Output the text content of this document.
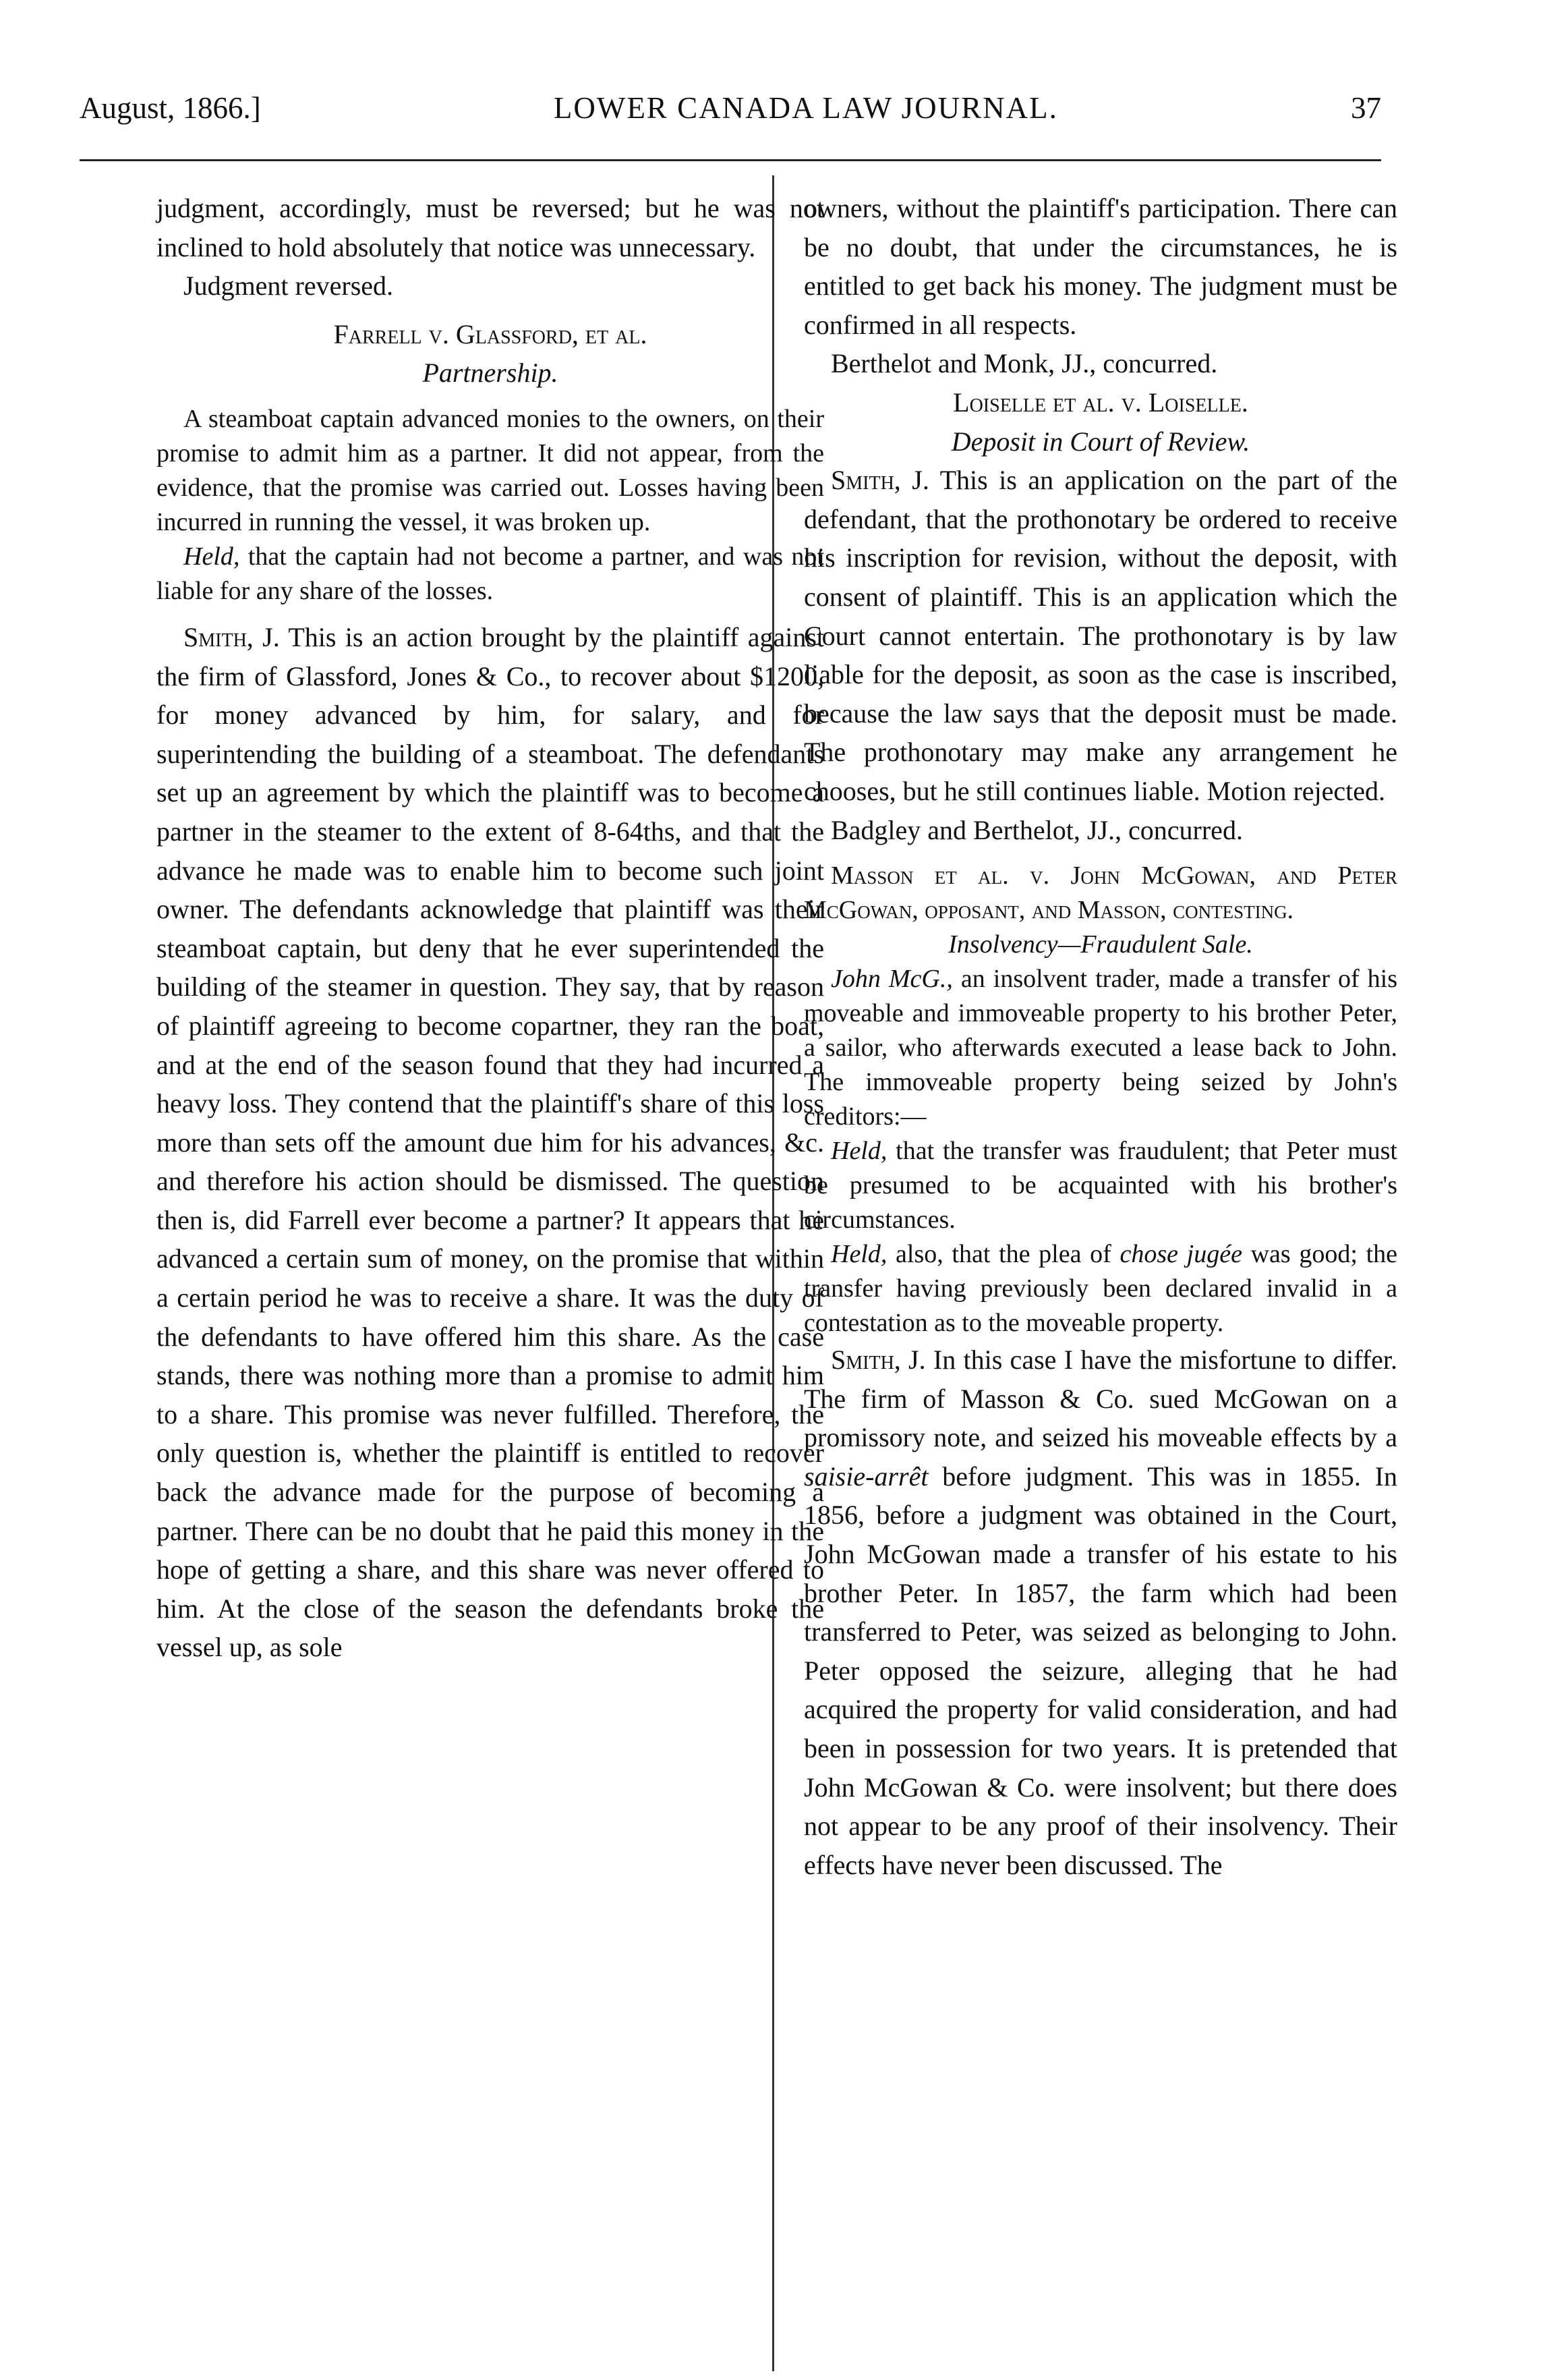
August, 1866.]	LOWER CANADA LAW JOURNAL.	37

judgment, accordingly, must be reversed; but he was not inclined to hold absolutely that notice was unnecessary.

Judgment reversed.

Farrell v. Glassford, et al.

Partnership.

A steamboat captain advanced monies to the owners, on their promise to admit him as a partner. It did not appear, from the evidence, that the promise was carried out. Losses having been incurred in running the vessel, it was broken up.

Held, that the captain had not become a partner, and was not liable for any share of the losses.

Smith, J. This is an action brought by the plaintiff against the firm of Glassford, Jones & Co., to recover about $1200, for money advanced by him, for salary, and for superintending the building of a steamboat. The defendants set up an agreement by which the plaintiff was to become a partner in the steamer to the extent of 8-64ths, and that the advance he made was to enable him to become such joint owner. The defendants acknowledge that plaintiff was their steamboat captain, but deny that he ever superintended the building of the steamer in question. They say, that by reason of plaintiff agreeing to become copartner, they ran the boat, and at the end of the season found that they had incurred a heavy loss. They contend that the plaintiff's share of this loss more than sets off the amount due him for his advances, &c. and therefore his action should be dismissed. The question then is, did Farrell ever become a partner? It appears that he advanced a certain sum of money, on the promise that within a certain period he was to receive a share. It was the duty of the defendants to have offered him this share. As the case stands, there was nothing more than a promise to admit him to a share. This promise was never fulfilled. Therefore, the only question is, whether the plaintiff is entitled to recover back the advance made for the purpose of becoming a partner. There can be no doubt that he paid this money in the hope of getting a share, and this share was never offered to him. At the close of the season the defendants broke the vessel up, as sole

owners, without the plaintiff's participation. There can be no doubt, that under the circumstances, he is entitled to get back his money. The judgment must be confirmed in all respects.

Berthelot and Monk, JJ., concurred.

Loiselle et al. v. Loiselle.

Deposit in Court of Review.

Smith, J. This is an application on the part of the defendant, that the prothonotary be ordered to receive his inscription for revision, without the deposit, with consent of plaintiff. This is an application which the Court cannot entertain. The prothonotary is by law liable for the deposit, as soon as the case is inscribed, because the law says that the deposit must be made. The prothonotary may make any arrangement he chooses, but he still continues liable. Motion rejected.

Badgley and Berthelot, JJ., concurred.

Masson et al. v. John McGowan, and Peter McGowan, opposant, and Masson, contesting.

Insolvency—Fraudulent Sale.

John McG., an insolvent trader, made a transfer of his moveable and immoveable property to his brother Peter, a sailor, who afterwards executed a lease back to John. The immoveable property being seized by John's creditors:—

Held, that the transfer was fraudulent; that Peter must be presumed to be acquainted with his brother's circumstances.

Held, also, that the plea of chose jugée was good; the transfer having previously been declared invalid in a contestation as to the moveable property.

Smith, J. In this case I have the misfortune to differ. The firm of Masson & Co. sued McGowan on a promissory note, and seized his moveable effects by a saisie-arrêt before judgment. This was in 1855. In 1856, before a judgment was obtained in the Court, John McGowan made a transfer of his estate to his brother Peter. In 1857, the farm which had been transferred to Peter, was seized as belonging to John. Peter opposed the seizure, alleging that he had acquired the property for valid consideration, and had been in possession for two years. It is pretended that John McGowan & Co. were insolvent; but there does not appear to be any proof of their insolvency. Their effects have never been discussed. The
